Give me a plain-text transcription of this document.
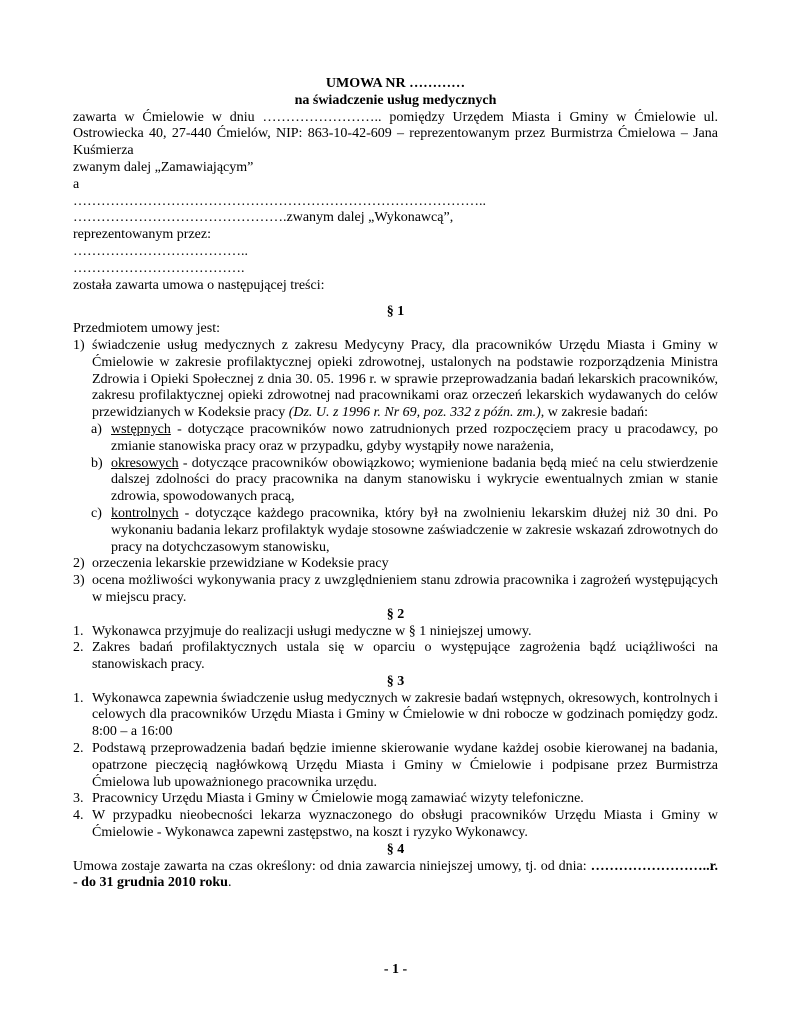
UMOWA NR …………

na świadczenie usług medycznych

zawarta w Ćmielowie w dniu …………………….. pomiędzy Urzędem Miasta i Gminy w Ćmielowie ul. Ostrowiecka 40, 27-440 Ćmielów, NIP: 863-10-42-609 – reprezentowanym przez Burmistrza Ćmielowa – Jana Kuśmierza

zwanym dalej „Zamawiającym”

a

……………………………………………………………………………..

……………………………………….zwanym dalej „Wykonawcą”,

reprezentowanym przez:

………………………………..

……………………………….

została zawarta umowa o następującej treści:

§ 1

Przedmiotem umowy jest:

1) świadczenie usług medycznych z zakresu Medycyny Pracy, dla pracowników Urzędu Miasta i Gminy w Ćmielowie w zakresie profilaktycznej opieki zdrowotnej, ustalonych na podstawie rozporządzenia Ministra Zdrowia i Opieki Społecznej z dnia 30. 05. 1996 r. w sprawie przeprowadzania badań lekarskich pracowników, zakresu profilaktycznej opieki zdrowotnej nad pracownikami oraz orzeczeń lekarskich wydawanych do celów przewidzianych w Kodeksie pracy (Dz. U. z 1996 r. Nr 69, poz. 332 z późn. zm.), w zakresie badań:
a) wstępnych - dotyczące pracowników nowo zatrudnionych przed rozpoczęciem pracy u pracodawcy, po zmianie stanowiska pracy oraz w przypadku, gdyby wystąpiły nowe narażenia,
b) okresowych - dotyczące pracowników obowiązkowo; wymienione badania będą mieć na celu stwierdzenie dalszej zdolności do pracy pracownika na danym stanowisku i wykrycie ewentualnych zmian w stanie zdrowia, spowodowanych pracą,
c) kontrolnych - dotyczące każdego pracownika, który był na zwolnieniu lekarskim dłużej niż 30 dni. Po wykonaniu badania lekarz profilaktyk wydaje stosowne zaświadczenie w zakresie wskazań zdrowotnych do pracy na dotychczasowym stanowisku,
2) orzeczenia lekarskie przewidziane w Kodeksie pracy
3) ocena możliwości wykonywania pracy z uwzględnieniem stanu zdrowia pracownika i zagrożeń występujących w miejscu pracy.

§ 2

1. Wykonawca przyjmuje do realizacji usługi medyczne w § 1 niniejszej umowy.
2. Zakres badań profilaktycznych ustala się w oparciu o występujące zagrożenia bądź uciążliwości na stanowiskach pracy.

§ 3

1. Wykonawca zapewnia świadczenie usług medycznych w zakresie badań wstępnych, okresowych, kontrolnych i celowych dla pracowników Urzędu Miasta i Gminy w Ćmielowie w dni robocze w godzinach pomiędzy godz. 8:00 – a 16:00
2. Podstawą przeprowadzenia badań będzie imienne skierowanie wydane każdej osobie kierowanej na badania, opatrzone pieczęcią nagłówkową Urzędu Miasta i Gminy w Ćmielowie i podpisane przez Burmistrza Ćmielowa lub upoważnionego pracownika urzędu.
3. Pracownicy Urzędu Miasta i Gminy w Ćmielowie mogą zamawiać wizyty telefoniczne.
4. W przypadku nieobecności lekarza wyznaczonego do obsługi pracowników Urzędu Miasta i Gminy w Ćmielowie - Wykonawca zapewni zastępstwo, na koszt i ryzyko Wykonawcy.

§ 4

Umowa zostaje zawarta na czas określony: od dnia zawarcia niniejszej umowy, tj. od dnia: ……………………..r. - do 31 grudnia 2010 roku.

- 1 -
